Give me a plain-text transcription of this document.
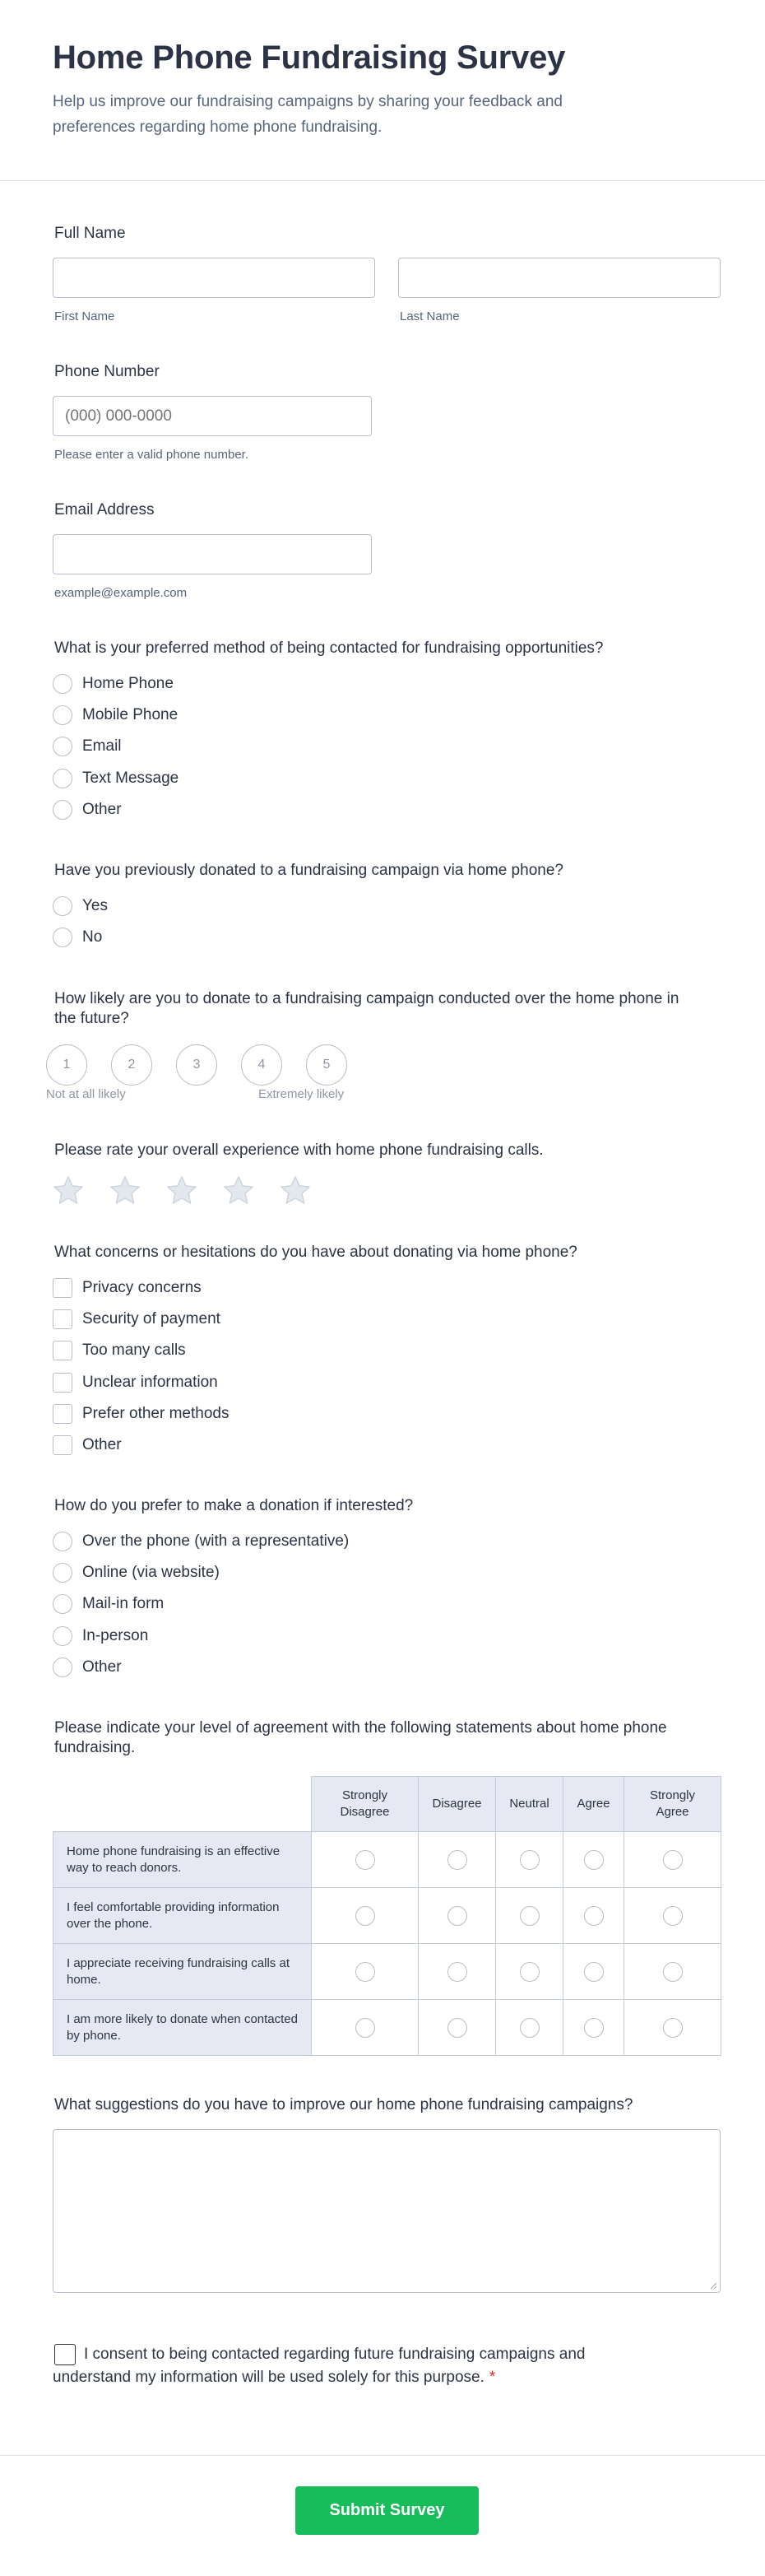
Home Phone Fundraising Survey

Help us improve our fundraising campaigns by sharing your feedback and preferences regarding home phone fundraising.

Full Name
First Name	Last Name
Phone Number
(000) 000-0000
Please enter a valid phone number.
Email Address
example@example.com
What is your preferred method of being contacted for fundraising opportunities?
Home Phone
Mobile Phone
Email
Text Message
Other
Have you previously donated to a fundraising campaign via home phone?
Yes
No
How likely are you to donate to a fundraising campaign conducted over the home phone in the future?
1	2	3	4	5
Not at all likely	Extremely likely
Please rate your overall experience with home phone fundraising calls.
What concerns or hesitations do you have about donating via home phone?
Privacy concerns
Security of payment
Too many calls
Unclear information
Prefer other methods
Other
How do you prefer to make a donation if interested?
Over the phone (with a representative)
Online (via website)
Mail-in form
In-person
Other
Please indicate your level of agreement with the following statements about home phone fundraising.
	Strongly Disagree	Disagree	Neutral	Agree	Strongly Agree
Home phone fundraising is an effective way to reach donors.					
I feel comfortable providing information over the phone.					
I appreciate receiving fundraising calls at home.					
I am more likely to donate when contacted by phone.					
What suggestions do you have to improve our home phone fundraising campaigns?
I consent to being contacted regarding future fundraising campaigns and understand my information will be used solely for this purpose. *
Submit Survey
